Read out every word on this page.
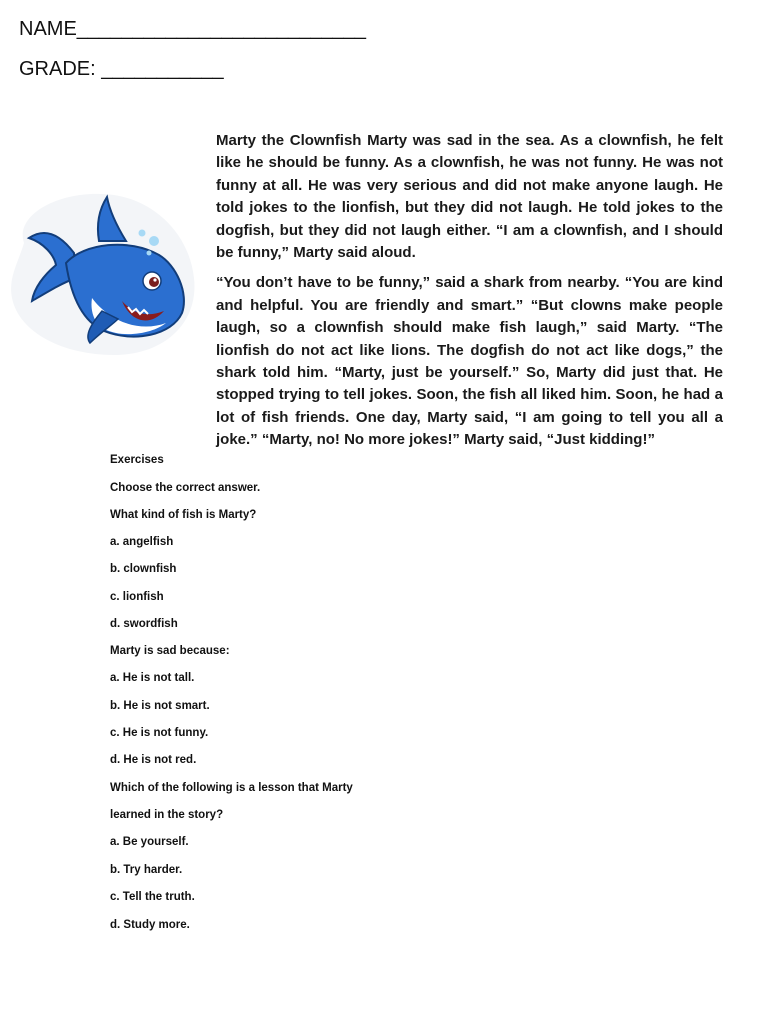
NAME__________________________
GRADE: ___________

Marty the Clownfish Marty was sad in the sea. As a clownfish, he felt like he should be funny. As a clownfish, he was not funny. He was not funny at all. He was very serious and did not make anyone laugh. He told jokes to the lionfish, but they did not laugh. He told jokes to the dogfish, but they did not laugh either. “I am a clownfish, and I should be funny,” Marty said aloud.

“You don’t have to be funny,” said a shark from nearby. “You are kind and helpful. You are friendly and smart.” “But clowns make people laugh, so a clownfish should make fish laugh,” said Marty. “The lionfish do not act like lions. The dogfish do not act like dogs,” the shark told him. “Marty, just be yourself.” So, Marty did just that. He stopped trying to tell jokes. Soon, the fish all liked him. Soon, he had a lot of fish friends. One day, Marty said, “I am going to tell you all a joke.” “Marty, no! No more jokes!” Marty said, “Just kidding!”

Exercises
Choose the correct answer.
What kind of fish is Marty?
a. angelfish
b. clownfish
c. lionfish
d. swordfish
Marty is sad because:
a. He is not tall.
b. He is not smart.
c. He is not funny.
d. He is not red.
Which of the following is a lesson that Marty
learned in the story?
a. Be yourself.
b. Try harder.
c. Tell the truth.
d. Study more.
